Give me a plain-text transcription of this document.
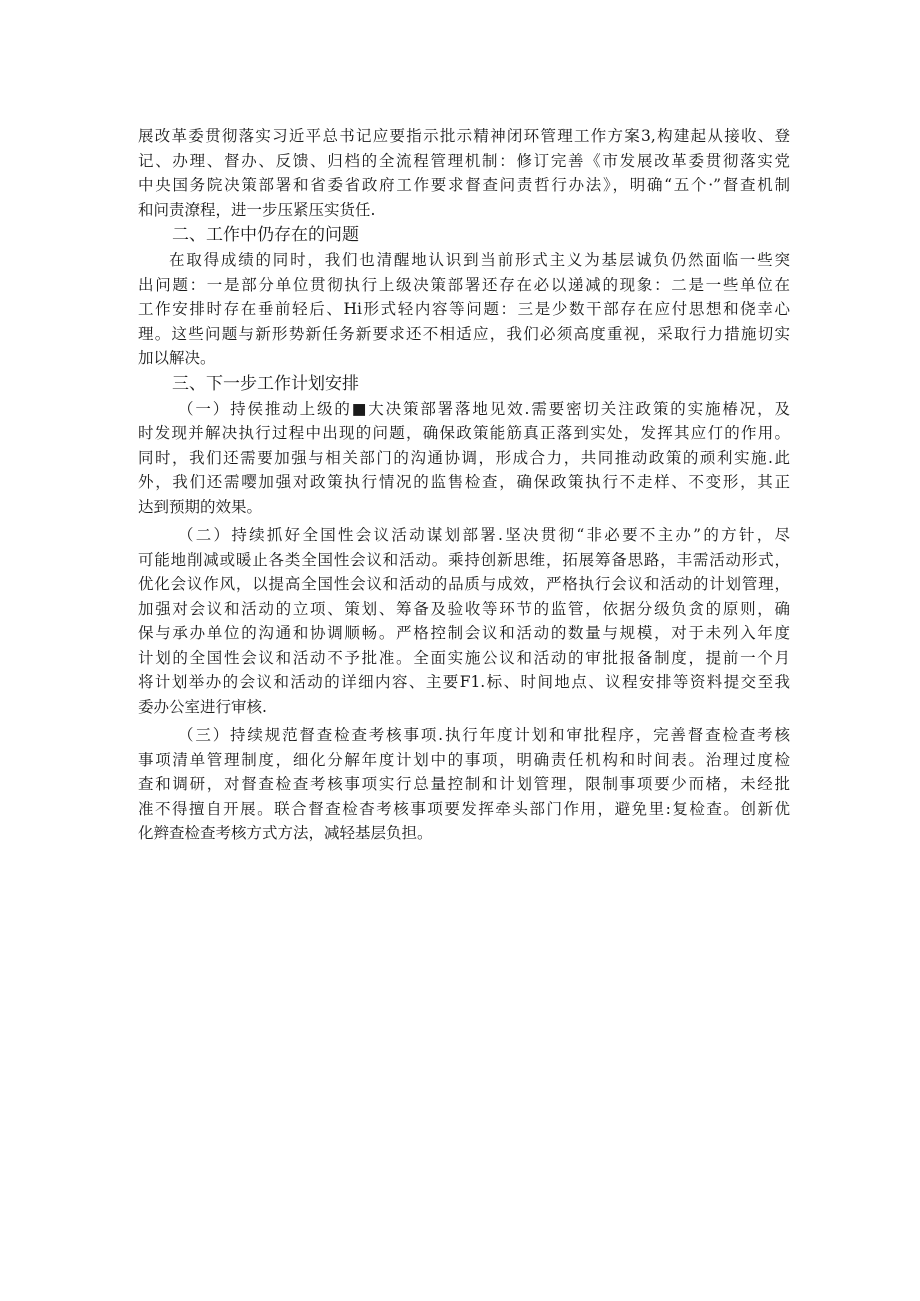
展改革委贯彻落实习近平总书记应要指示批示精神闭环管理工作方案3,构建起从接收、登
记、办理、督办、反馈、归档的全流程管理机制：修订完善《市发展改革委贯彻落实党
中央国务院决策部署和省委省政府工作要求督查问责哲行办法》，明确“五个·”督查机制
和问责潦程，进一步压紧压实货任.
二、工作中仍存在的问题
在取得成绩的同时，我们也清醒地认识到当前形式主义为基层诚负仍然面临一些突
出问题：一是部分单位贯彻执行上级决策部署还存在必以递减的现象：二是一些单位在
工作安排时存在垂前轻后、Hi形式轻内容等问题：三是少数干部存在应付思想和侥幸心
理。这些问题与新形势新任务新要求还不相适应，我们必须高度重视，采取行力措施切实
加以解决。
三、下一步工作计划安排
（一）持侯推动上级的■大决策部署落地见效.需要密切关注政策的实施椿况，及
时发现并解决执行过程中出现的问题，确保政策能筋真正落到实处，发挥其应仃的作用。
同时，我们还需要加强与相关部门的沟通协调，形成合力，共同推动政策的顽利实施.此
外，我们还需嘤加强对政策执行情况的监售检查，确保政策执行不走样、不变形，其正
达到预期的效果。
（二）持续抓好全国性会议活动谋划部署.坚决贯彻“非必要不主办”的方针，尽
可能地削减或暖止各类全国性会议和活动。乘持创新思维，拓展筹备思路，丰需活动形式，
优化会议作风，以提高全国性会议和活动的品质与成效，严格执行会议和活动的计划管理，
加强对会议和活动的立项、策划、筹备及验收等环节的监管，依据分级负贪的原则，确
保与承办单位的沟通和协调顺畅。严格控制会议和活动的数量与规模，对于未列入年度
计划的全国性会议和活动不予批准。全面实施公议和活动的审批报备制度，提前一个月
将计划举办的会议和活动的详细内容、主要F1.标、时间地点、议程安排等资料提交至我
委办公室进行审核.
（三）持续规范督查检查考核事项.执行年度计划和审批程序，完善督查检查考核
事项清单管理制度，细化分解年度计划中的事项，明确责任机构和时间表。治理过度检
查和调研，对督查检查考核事项实行总量控制和计划管理，限制事项要少而楮，未经批
准不得擅自开展。联合督查检杳考核事项要发挥牵头部门作用，避免里:复检查。创新优
化辫查检查考核方式方法，减轻基层负担。
